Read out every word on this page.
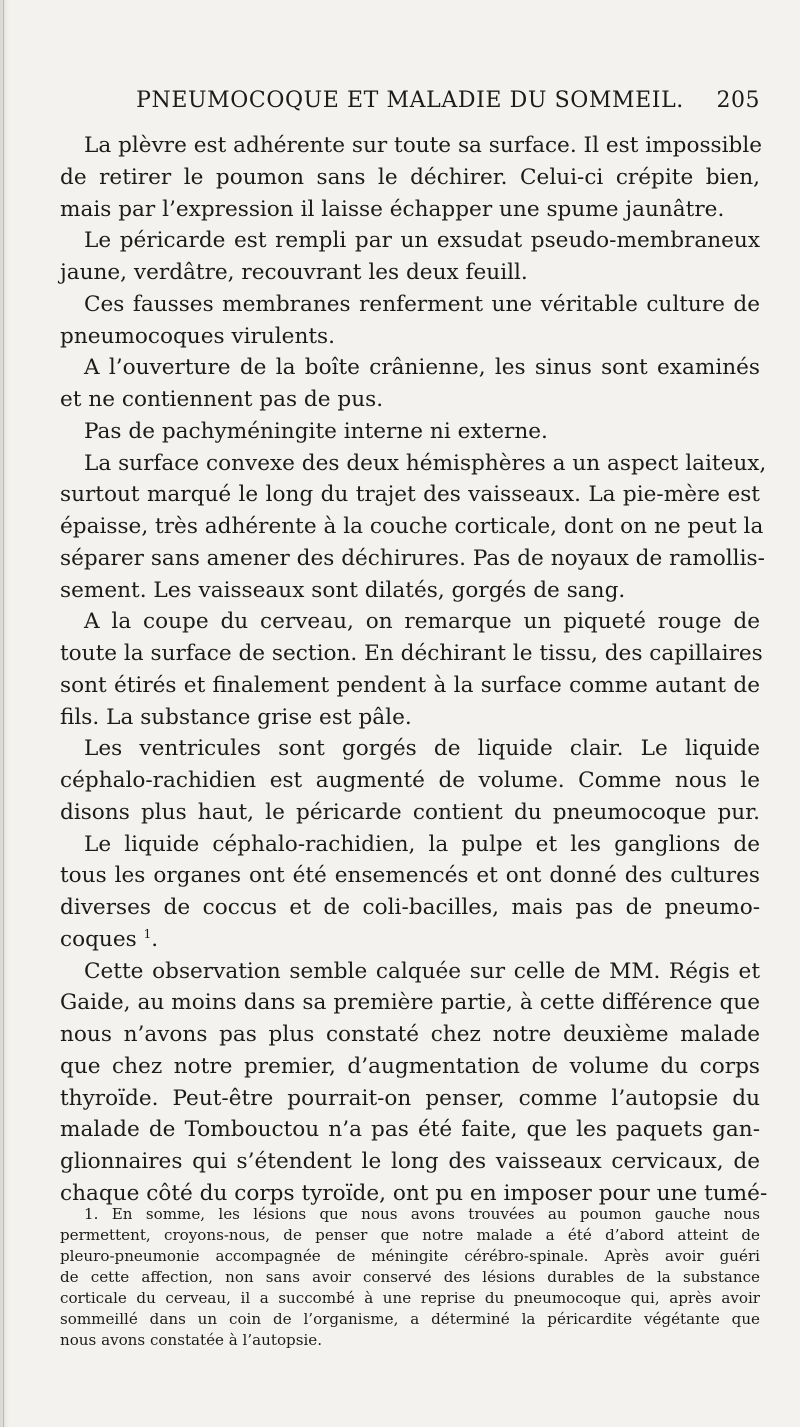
PNEUMOCOQUE ET MALADIE DU SOMMEIL.	205
La plèvre est adhérente sur toute sa surface. Il est impossible
de retirer le poumon sans le déchirer. Celui-ci crépite bien,
mais par l’expression il laisse échapper une spume jaunâtre.
Le péricarde est rempli par un exsudat pseudo-membraneux
jaune, verdâtre, recouvrant les deux feuill.
Ces fausses membranes renferment une véritable culture de
pneumocoques virulents.
A l’ouverture de la boîte crânienne, les sinus sont examinés
et ne contiennent pas de pus.
Pas de pachyméningite interne ni externe.
La surface convexe des deux hémisphères a un aspect laiteux,
surtout marqué le long du trajet des vaisseaux. La pie-mère est
épaisse, très adhérente à la couche corticale, dont on ne peut la
séparer sans amener des déchirures. Pas de noyaux de ramollis-
sement. Les vaisseaux sont dilatés, gorgés de sang.
A la coupe du cerveau, on remarque un piqueté rouge de
toute la surface de section. En déchirant le tissu, des capillaires
sont étirés et finalement pendent à la surface comme autant de
fils. La substance grise est pâle.
Les ventricules sont gorgés de liquide clair. Le liquide
céphalo-rachidien est augmenté de volume. Comme nous le
disons plus haut, le péricarde contient du pneumocoque pur.
Le liquide céphalo-rachidien, la pulpe et les ganglions de
tous les organes ont été ensemencés et ont donné des cultures
diverses de coccus et de coli-bacilles, mais pas de pneumo-
coques $^1$.
Cette observation semble calquée sur celle de MM. Régis et
Gaide, au moins dans sa première partie, à cette différence que
nous n’avons pas plus constaté chez notre deuxième malade
que chez notre premier, d’augmentation de volume du corps
thyroïde. Peut-être pourrait-on penser, comme l’autopsie du
malade de Tombouctou n’a pas été faite, que les paquets gan-
glionnaires qui s’étendent le long des vaisseaux cervicaux, de
chaque côté du corps tyroïde, ont pu en imposer pour une tumé-
1. En somme, les lésions que nous avons trouvées au poumon gauche nous
permettent, croyons-nous, de penser que notre malade a été d’abord atteint de
pleuro-pneumonie accompagnée de méningite cérébro-spinale. Après avoir guéri
de cette affection, non sans avoir conservé des lésions durables de la substance
corticale du cerveau, il a succombé à une reprise du pneumocoque qui, après avoir
sommeillé dans un coin de l’organisme, a déterminé la péricardite végétante que
nous avons constatée à l’autopsie.
